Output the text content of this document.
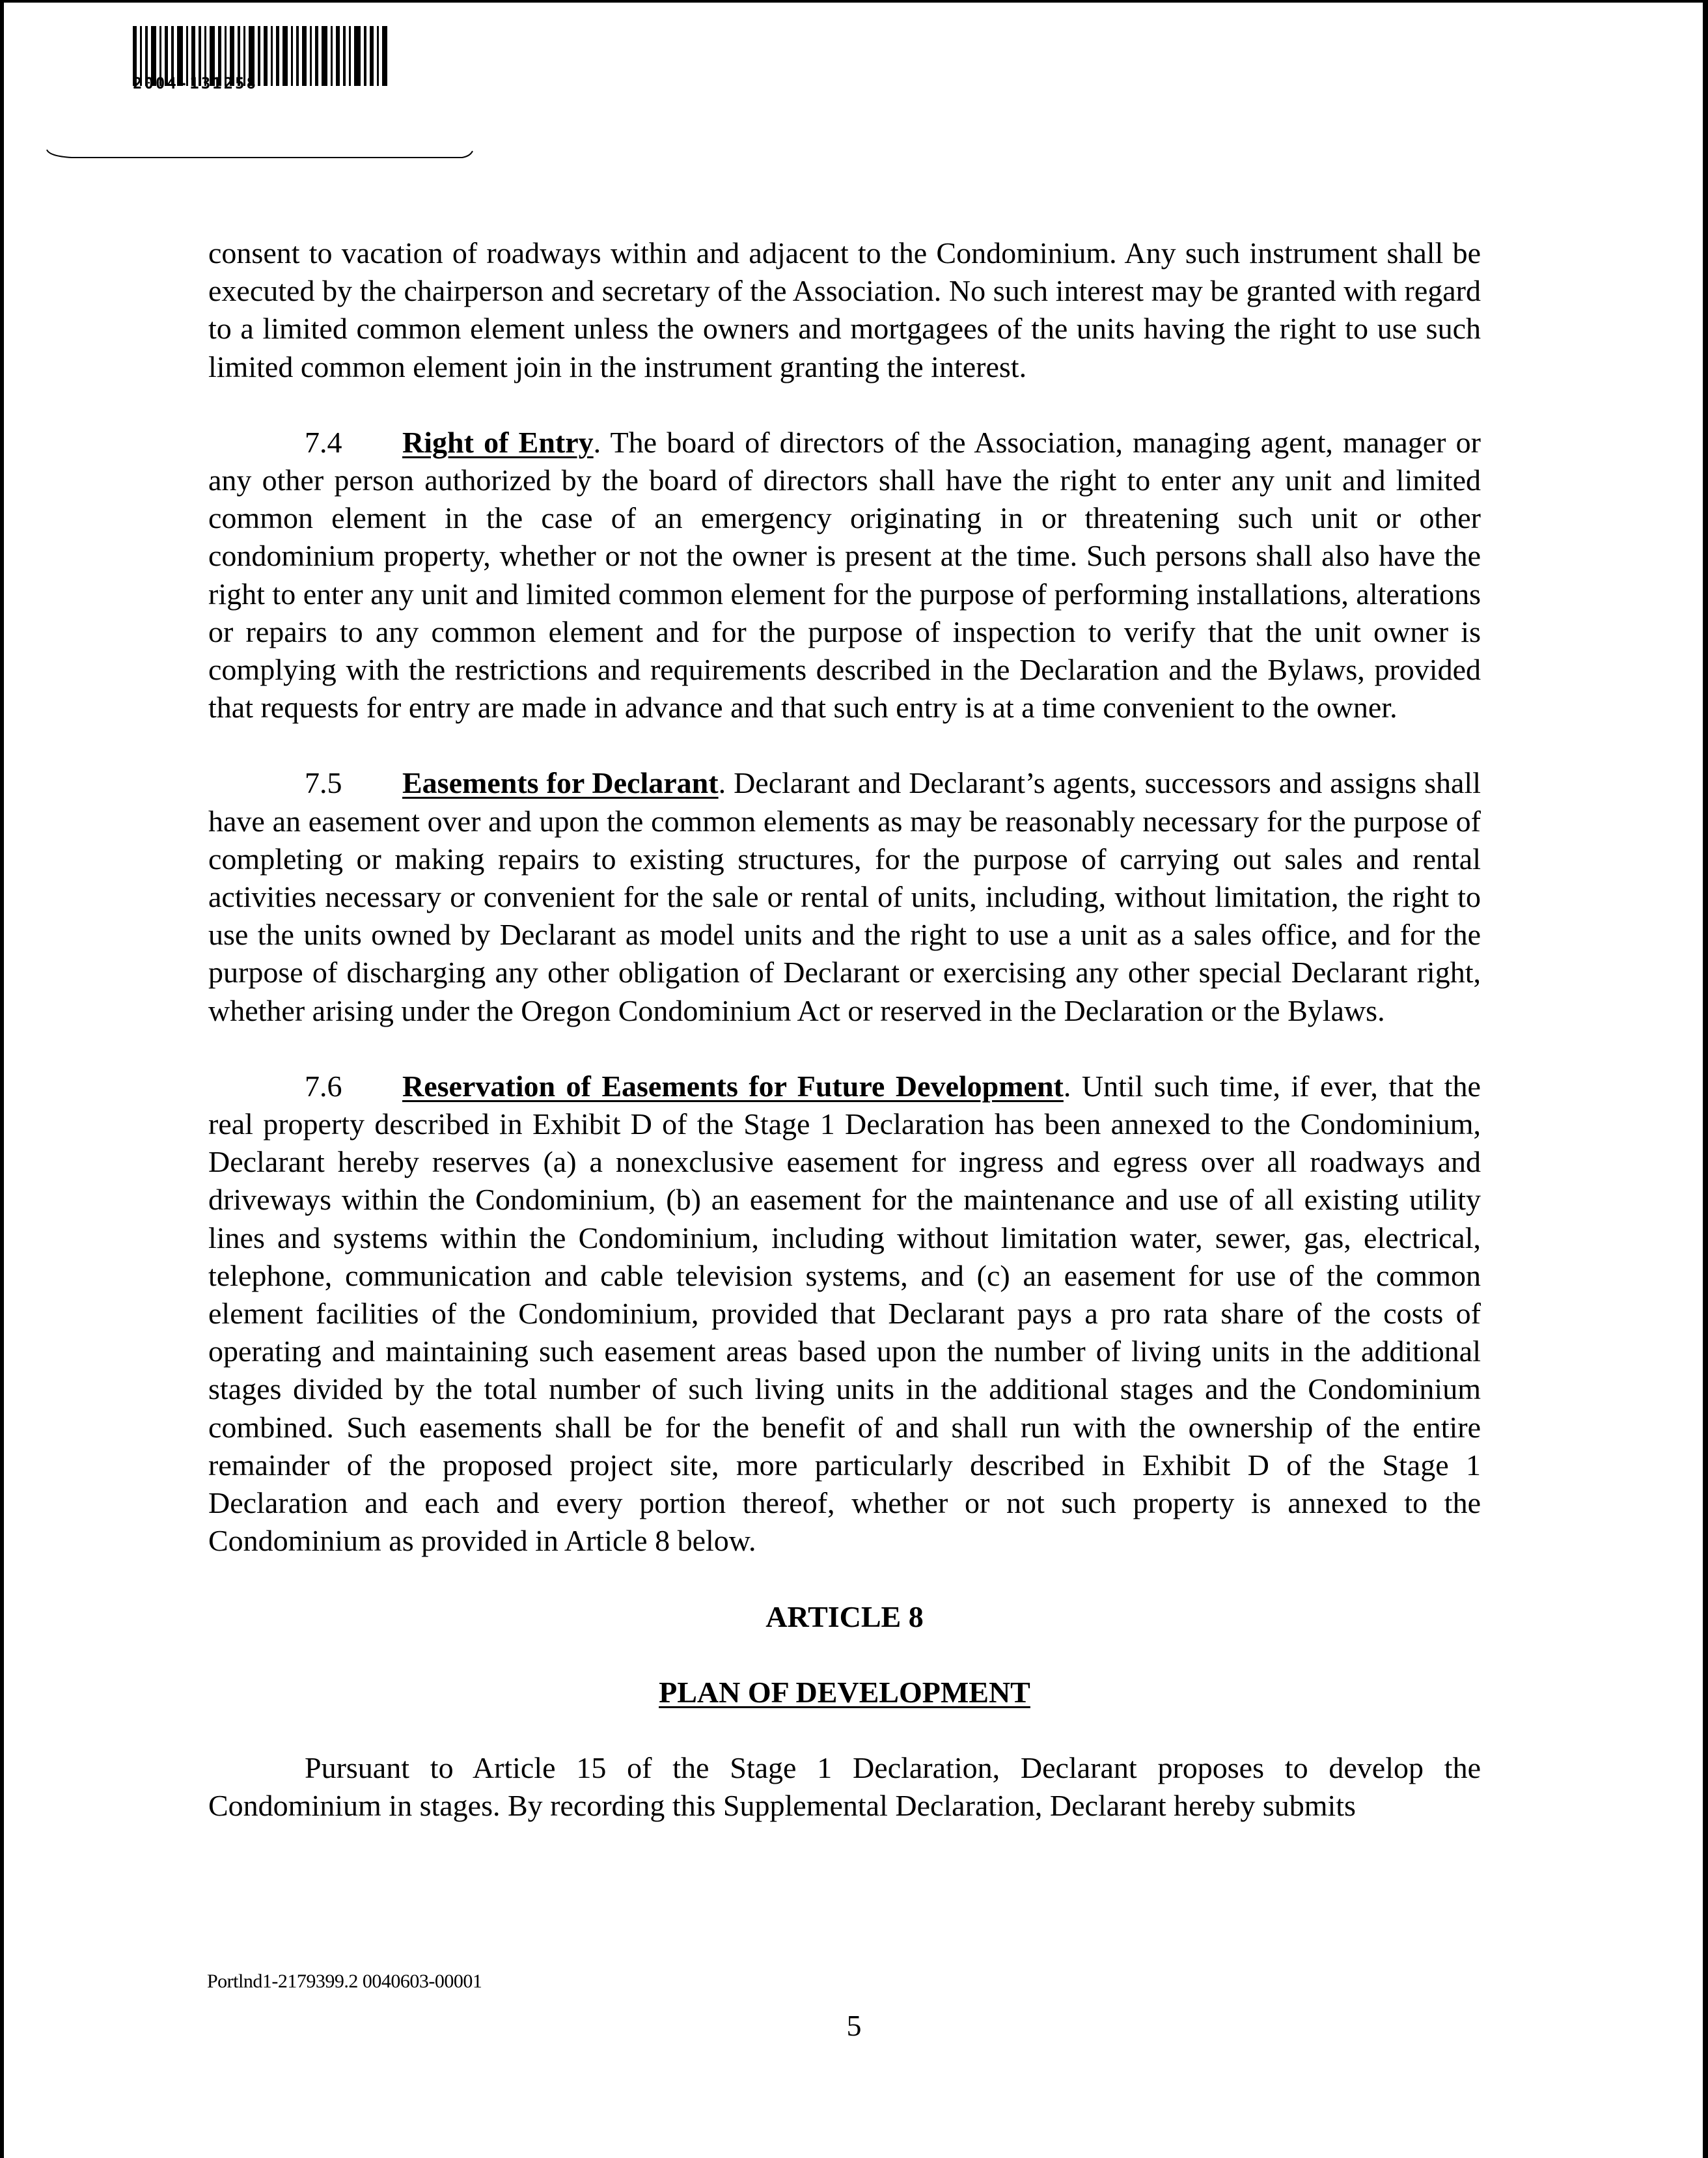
2004-131258

consent to vacation of roadways within and adjacent to the Condominium. Any such instrument shall be executed by the chairperson and secretary of the Association. No such interest may be granted with regard to a limited common element unless the owners and mortgagees of the units having the right to use such limited common element join in the instrument granting the interest.

7.4 Right of Entry. The board of directors of the Association, managing agent, manager or any other person authorized by the board of directors shall have the right to enter any unit and limited common element in the case of an emergency originating in or threatening such unit or other condominium property, whether or not the owner is present at the time. Such persons shall also have the right to enter any unit and limited common element for the purpose of performing installations, alterations or repairs to any common element and for the purpose of inspection to verify that the unit owner is complying with the restrictions and requirements described in the Declaration and the Bylaws, provided that requests for entry are made in advance and that such entry is at a time convenient to the owner.

7.5 Easements for Declarant. Declarant and Declarant’s agents, successors and assigns shall have an easement over and upon the common elements as may be reasonably necessary for the purpose of completing or making repairs to existing structures, for the purpose of carrying out sales and rental activities necessary or convenient for the sale or rental of units, including, without limitation, the right to use the units owned by Declarant as model units and the right to use a unit as a sales office, and for the purpose of discharging any other obligation of Declarant or exercising any other special Declarant right, whether arising under the Oregon Condominium Act or reserved in the Declaration or the Bylaws.

7.6 Reservation of Easements for Future Development. Until such time, if ever, that the real property described in Exhibit D of the Stage 1 Declaration has been annexed to the Condominium, Declarant hereby reserves (a) a nonexclusive easement for ingress and egress over all roadways and driveways within the Condominium, (b) an easement for the maintenance and use of all existing utility lines and systems within the Condominium, including without limitation water, sewer, gas, electrical, telephone, communication and cable television systems, and (c) an easement for use of the common element facilities of the Condominium, provided that Declarant pays a pro rata share of the costs of operating and maintaining such easement areas based upon the number of living units in the additional stages divided by the total number of such living units in the additional stages and the Condominium combined. Such easements shall be for the benefit of and shall run with the ownership of the entire remainder of the proposed project site, more particularly described in Exhibit D of the Stage 1 Declaration and each and every portion thereof, whether or not such property is annexed to the Condominium as provided in Article 8 below.

ARTICLE 8
PLAN OF DEVELOPMENT

Pursuant to Article 15 of the Stage 1 Declaration, Declarant proposes to develop the Condominium in stages. By recording this Supplemental Declaration, Declarant hereby submits

Portlnd1-2179399.2 0040603-00001
5
